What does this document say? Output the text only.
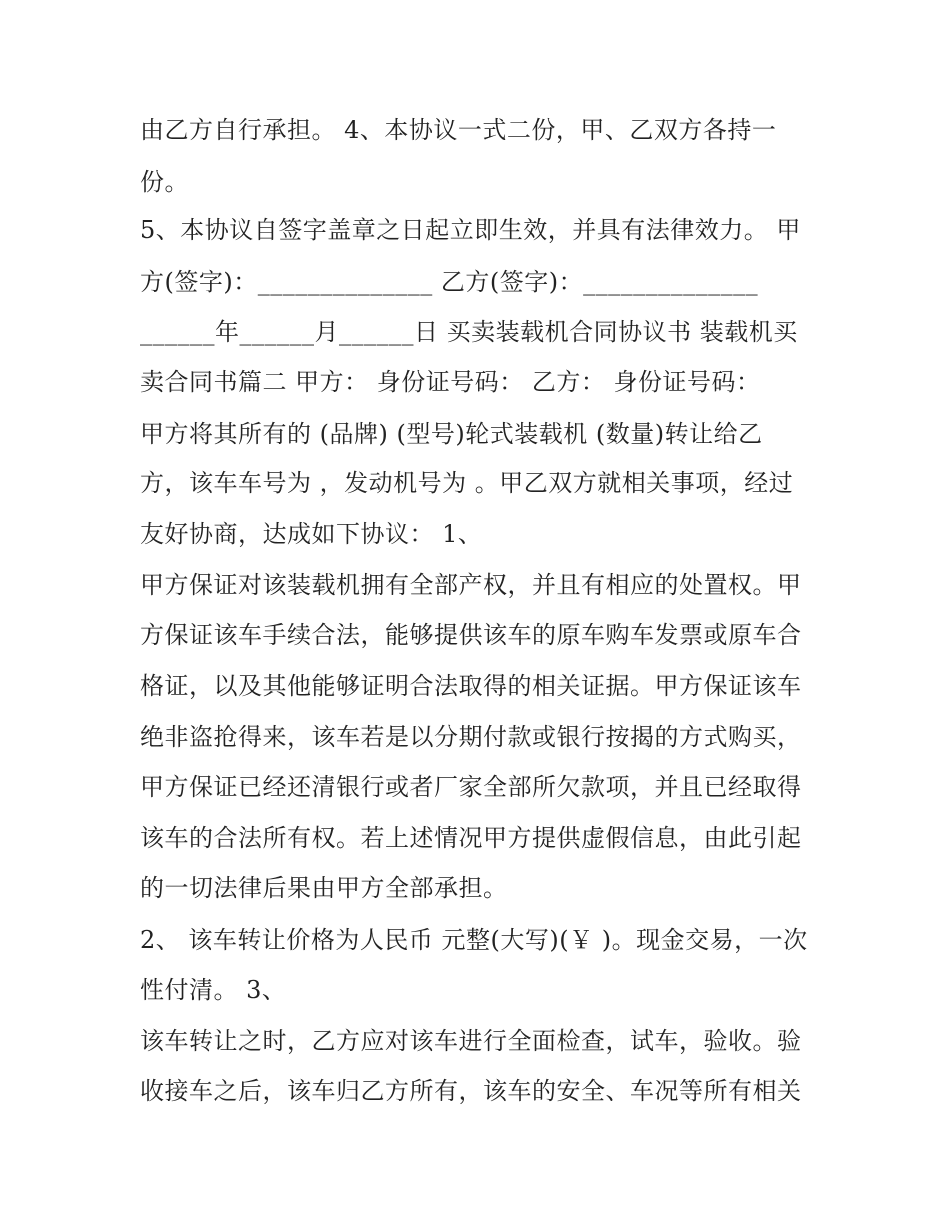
由乙方自行承担。 4、本协议一式二份，甲、乙双方各持一
份。
5、本协议自签字盖章之日起立即生效，并具有法律效力。 甲
方(签字)：______________ 乙方(签字)：______________
______年______月______日 买卖装载机合同协议书 装载机买
卖合同书篇二 甲方： 身份证号码： 乙方： 身份证号码：
甲方将其所有的 (品牌) (型号)轮式装载机 (数量)转让给乙
方，该车车号为 ，发动机号为 。甲乙双方就相关事项，经过
友好协商，达成如下协议： 1、
甲方保证对该装载机拥有全部产权，并且有相应的处置权。甲
方保证该车手续合法，能够提供该车的原车购车发票或原车合
格证，以及其他能够证明合法取得的相关证据。甲方保证该车
绝非盗抢得来，该车若是以分期付款或银行按揭的方式购买，
甲方保证已经还清银行或者厂家全部所欠款项，并且已经取得
该车的合法所有权。若上述情况甲方提供虚假信息，由此引起
的一切法律后果由甲方全部承担。
2、 该车转让价格为人民币 元整(大写)(￥ )。现金交易，一次
性付清。 3、
该车转让之时，乙方应对该车进行全面检查，试车，验收。验
收接车之后，该车归乙方所有，该车的安全、车况等所有相关
